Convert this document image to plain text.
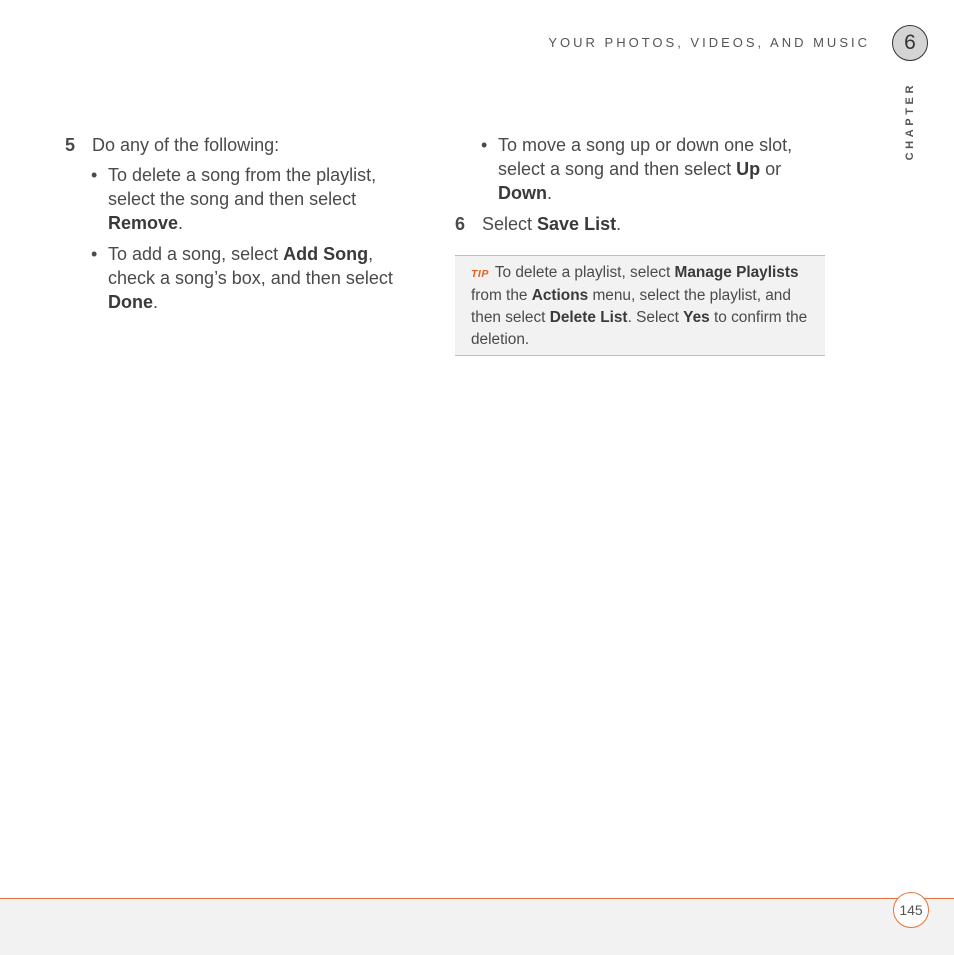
YOUR PHOTOS, VIDEOS, AND MUSIC	6
CHAPTER
5 Do any of the following:
• To delete a song from the playlist, select the song and then select Remove.
• To add a song, select Add Song, check a song’s box, and then select Done.
• To move a song up or down one slot, select a song and then select Up or Down.
6 Select Save List.
TIP To delete a playlist, select Manage Playlists from the Actions menu, select the playlist, and then select Delete List. Select Yes to confirm the deletion.
145
